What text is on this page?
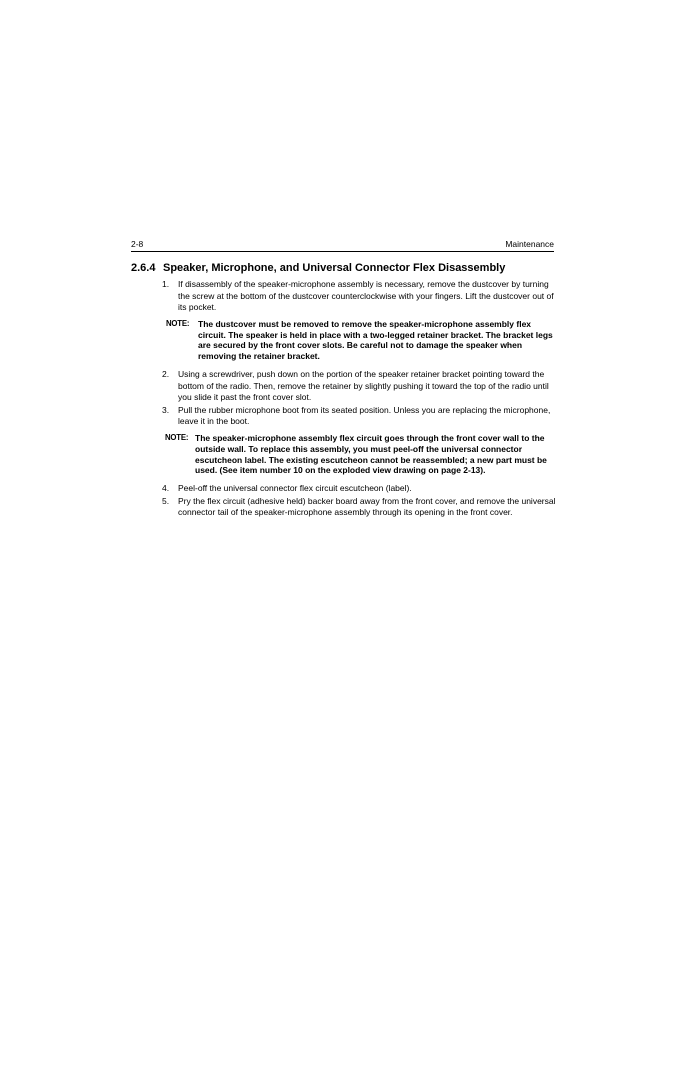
2-8	Maintenance
2.6.4 Speaker, Microphone, and Universal Connector Flex Disassembly

1. If disassembly of the speaker-microphone assembly is necessary, remove the dustcover by turning the screw at the bottom of the dustcover counterclockwise with your fingers. Lift the dustcover out of its pocket.

NOTE: The dustcover must be removed to remove the speaker-microphone assembly flex circuit. The speaker is held in place with a two-legged retainer bracket. The bracket legs are secured by the front cover slots. Be careful not to damage the speaker when removing the retainer bracket.

2. Using a screwdriver, push down on the portion of the speaker retainer bracket pointing toward the bottom of the radio. Then, remove the retainer by slightly pushing it toward the top of the radio until you slide it past the front cover slot.

3. Pull the rubber microphone boot from its seated position. Unless you are replacing the microphone, leave it in the boot.

NOTE: The speaker-microphone assembly flex circuit goes through the front cover wall to the outside wall. To replace this assembly, you must peel-off the universal connector escutcheon label. The existing escutcheon cannot be reassembled; a new part must be used. (See item number 10 on the exploded view drawing on page 2-13).

4. Peel-off the universal connector flex circuit escutcheon (label).

5. Pry the flex circuit (adhesive held) backer board away from the front cover, and remove the universal connector tail of the speaker-microphone assembly through its opening in the front cover.
